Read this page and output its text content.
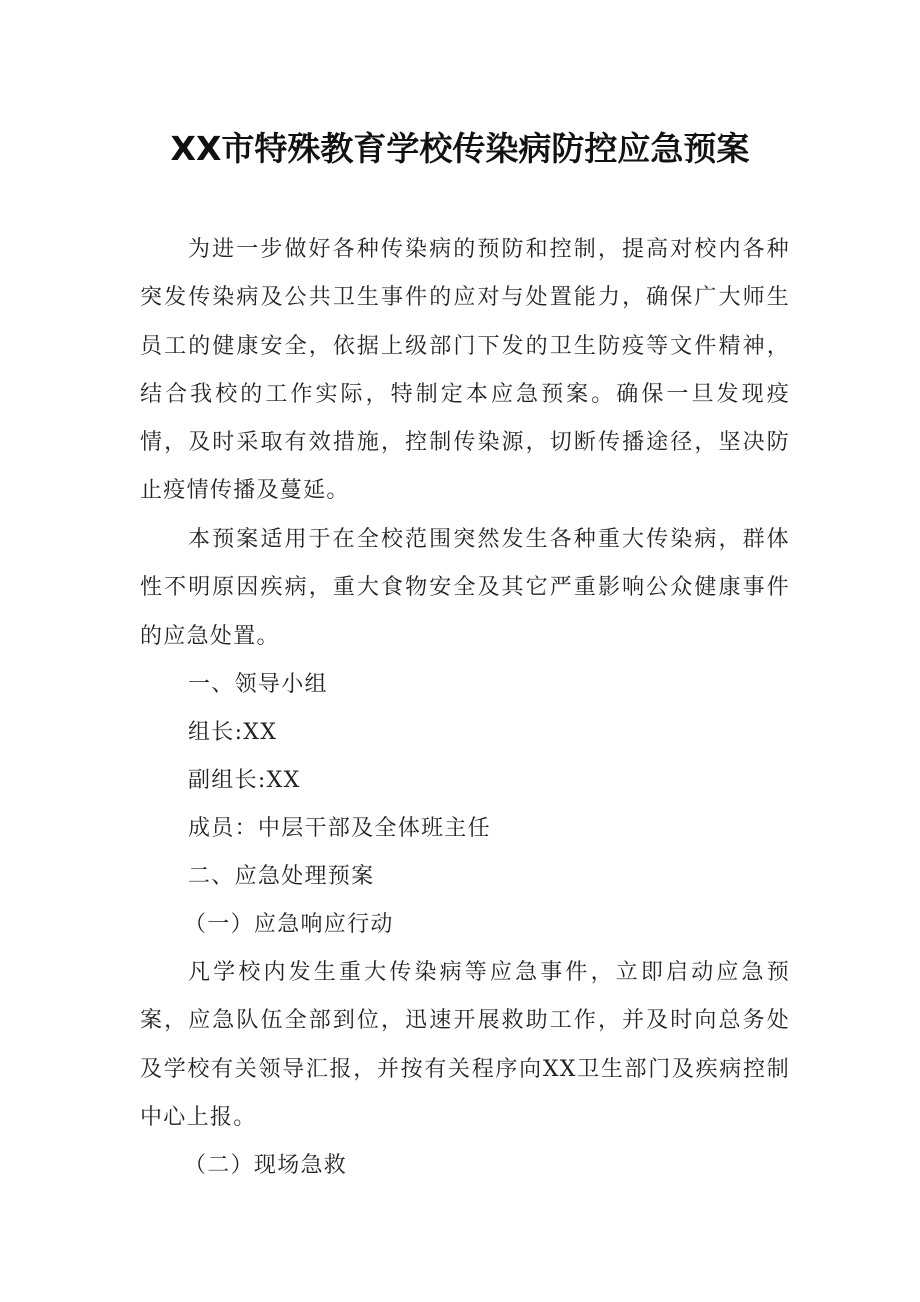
XX市特殊教育学校传染病防控应急预案

为进一步做好各种传染病的预防和控制，提高对校内各种突发传染病及公共卫生事件的应对与处置能力，确保广大师生员工的健康安全，依据上级部门下发的卫生防疫等文件精神，结合我校的工作实际，特制定本应急预案。确保一旦发现疫情，及时采取有效措施，控制传染源，切断传播途径，坚决防止疫情传播及蔓延。

本预案适用于在全校范围突然发生各种重大传染病，群体性不明原因疾病，重大食物安全及其它严重影响公众健康事件的应急处置。

一、领导小组
组长:XX
副组长:XX
成员：中层干部及全体班主任
二、应急处理预案
（一）应急响应行动

凡学校内发生重大传染病等应急事件，立即启动应急预案，应急队伍全部到位，迅速开展救助工作，并及时向总务处及学校有关领导汇报，并按有关程序向XX卫生部门及疾病控制中心上报。

（二）现场急救
